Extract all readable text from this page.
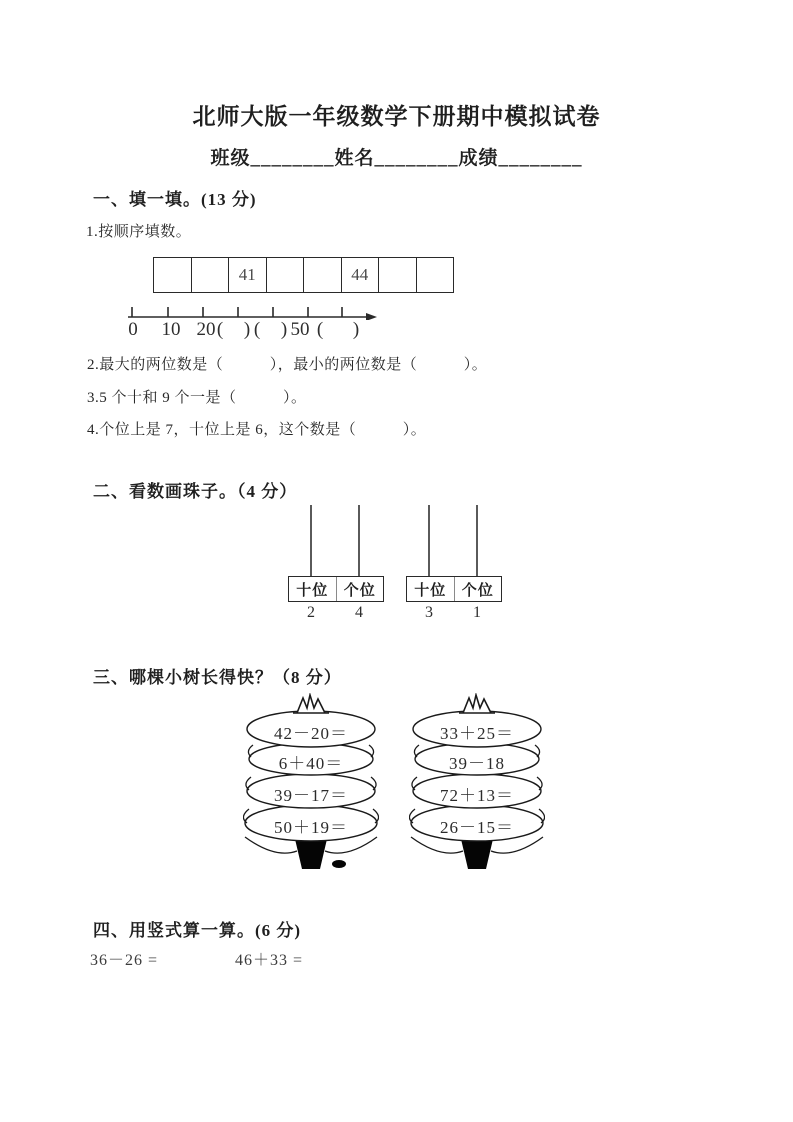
北师大版一年级数学下册期中模拟试卷
班级________姓名________成绩________
一、填一填。(13 分)
1.按顺序填数。
41	44
0 10 20 ( ) ( ) 50 ( )
2.最大的两位数是（　　　），最小的两位数是（　　　）。
3.5 个十和 9 个一是（　　　）。
4.个位上是 7，十位上是 6，这个数是（　　　）。
二、看数画珠子。（4 分）
十位	个位
2	4
十位	个位
3	1
三、哪棵小树长得快？（8 分）
42－20＝
6＋40＝
39－17＝
50＋19＝
33＋25＝
39－18
72＋13＝
26－15＝
四、用竖式算一算。(6 分)
36－26 =	46＋33 =
